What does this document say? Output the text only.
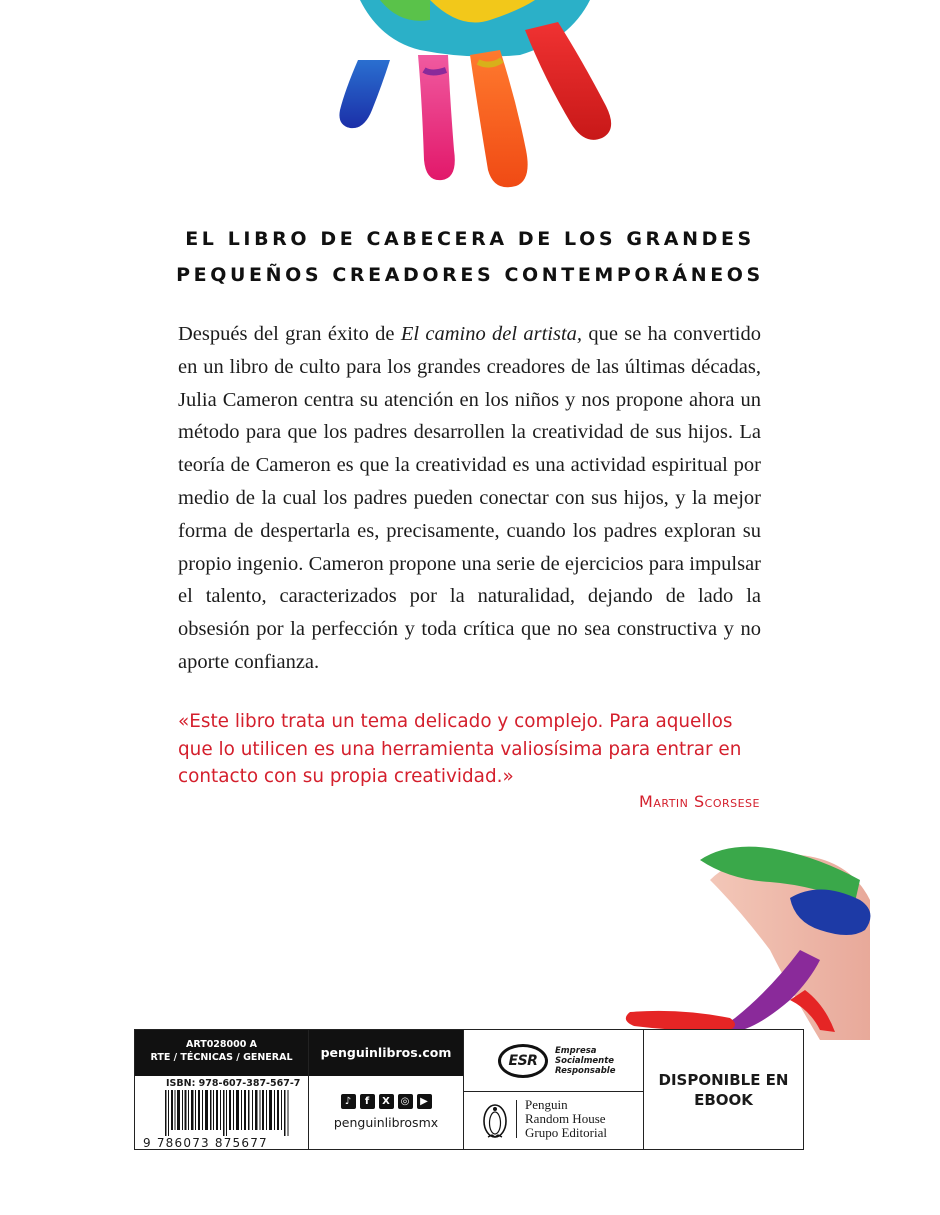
EL LIBRO DE CABECERA DE LOS GRANDES
PEQUEÑOS CREADORES CONTEMPORÁNEOS
Después del gran éxito de El camino del artista, que se ha convertido en un libro de culto para los grandes creadores de las últimas décadas, Julia Cameron centra su atención en los niños y nos propone ahora un método para que los padres desarrollen la creatividad de sus hijos. La teoría de Cameron es que la creatividad es una actividad espiritual por medio de la cual los padres pueden conectar con sus hijos, y la mejor forma de despertarla es, precisamente, cuando los padres exploran su propio ingenio. Cameron propone una serie de ejercicios para impulsar el talento, caracterizados por la naturalidad, dejando de lado la obsesión por la perfección y toda crítica que no sea constructiva y no aporte confianza.
«Este libro trata un tema delicado y complejo. Para aquellos que lo utilicen es una herramienta valiosísima para entrar en contacto con su propia creatividad.»
Martin Scorsese
ART028000 A
RTE / TÉCNICAS / GENERAL
ISBN: 978-607-387-567-7
9 786073 875677
penguinlibros.com
♪	f	X	◎	▶
penguinlibrosmx
ESR
Empresa
Socialmente
Responsable
Penguin
Random House
Grupo Editorial
DISPONIBLE EN
EBOOK
